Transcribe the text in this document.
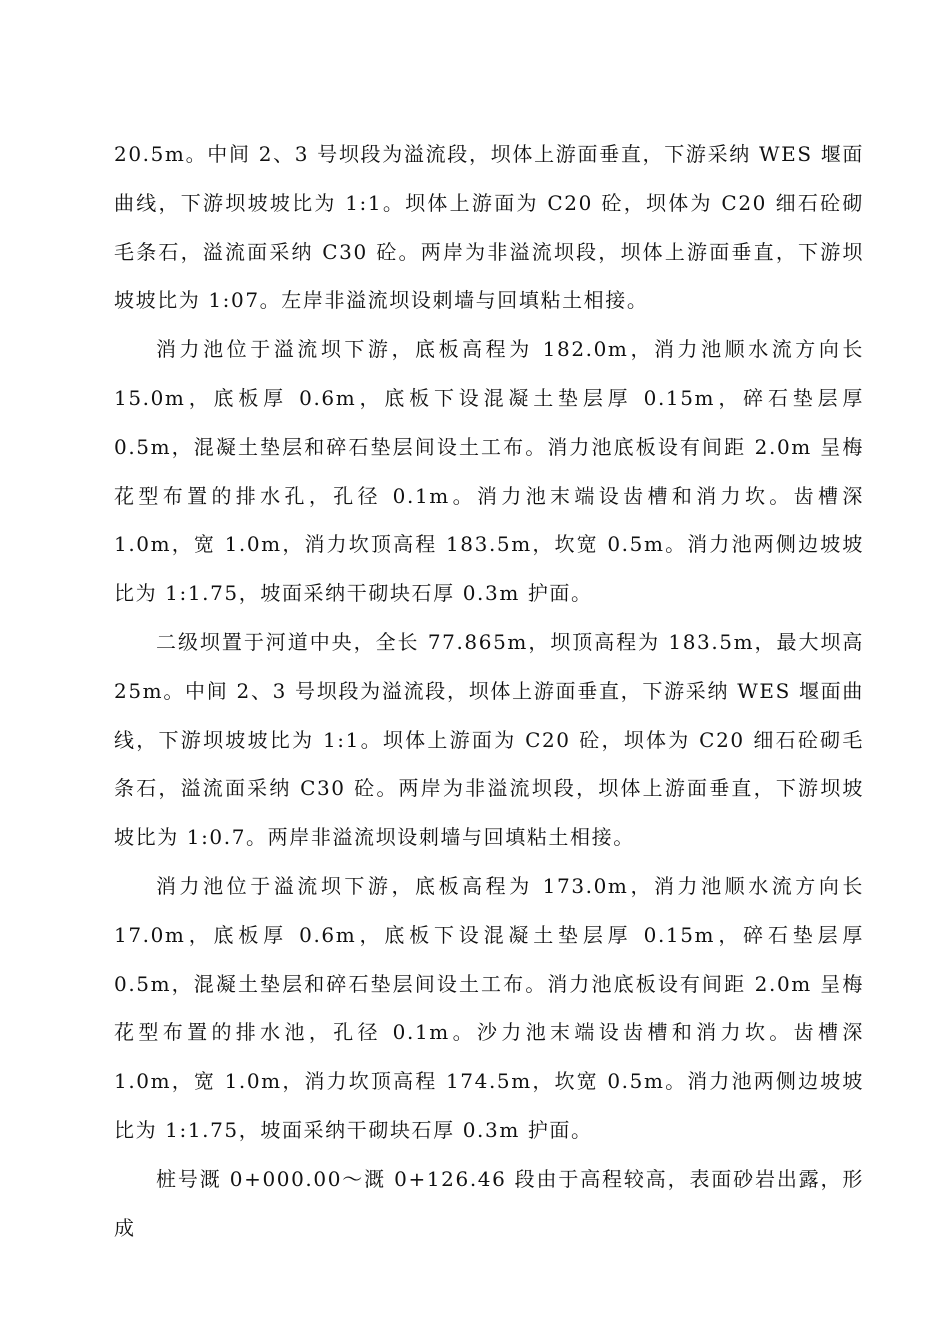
20.5m。中间 2、3 号坝段为溢流段，坝体上游面垂直，下游采纳 WES 堰面曲线，下游坝坡坡比为 1:1。坝体上游面为 C20 砼，坝体为 C20 细石砼砌毛条石，溢流面采纳 C30 砼。两岸为非溢流坝段，坝体上游面垂直，下游坝坡坡比为 1:07。左岸非溢流坝设刺墙与回填粘土相接。

消力池位于溢流坝下游，底板高程为 182.0m，消力池顺水流方向长 15.0m，底板厚 0.6m，底板下设混凝土垫层厚 0.15m，碎石垫层厚 0.5m，混凝土垫层和碎石垫层间设土工布。消力池底板设有间距 2.0m 呈梅花型布置的排水孔，孔径 0.1m。消力池末端设齿槽和消力坎。齿槽深 1.0m，宽 1.0m，消力坎顶高程 183.5m，坎宽 0.5m。消力池两侧边坡坡比为 1:1.75，坡面采纳干砌块石厚 0.3m 护面。

二级坝置于河道中央，全长 77.865m，坝顶高程为 183.5m，最大坝高 25m。中间 2、3 号坝段为溢流段，坝体上游面垂直，下游采纳 WES 堰面曲线，下游坝坡坡比为 1:1。坝体上游面为 C20 砼，坝体为 C20 细石砼砌毛条石，溢流面采纳 C30 砼。两岸为非溢流坝段，坝体上游面垂直，下游坝坡坡比为 1:0.7。两岸非溢流坝设刺墙与回填粘土相接。

消力池位于溢流坝下游，底板高程为 173.0m，消力池顺水流方向长 17.0m，底板厚 0.6m，底板下设混凝土垫层厚 0.15m，碎石垫层厚 0.5m，混凝土垫层和碎石垫层间设土工布。消力池底板设有间距 2.0m 呈梅花型布置的排水池，孔径 0.1m。沙力池末端设齿槽和消力坎。齿槽深 1.0m，宽 1.0m，消力坎顶高程 174.5m，坎宽 0.5m。消力池两侧边坡坡比为 1:1.75，坡面采纳干砌块石厚 0.3m 护面。

桩号溉 0+000.00～溉 0+126.46 段由于高程较高，表面砂岩出露，形成
